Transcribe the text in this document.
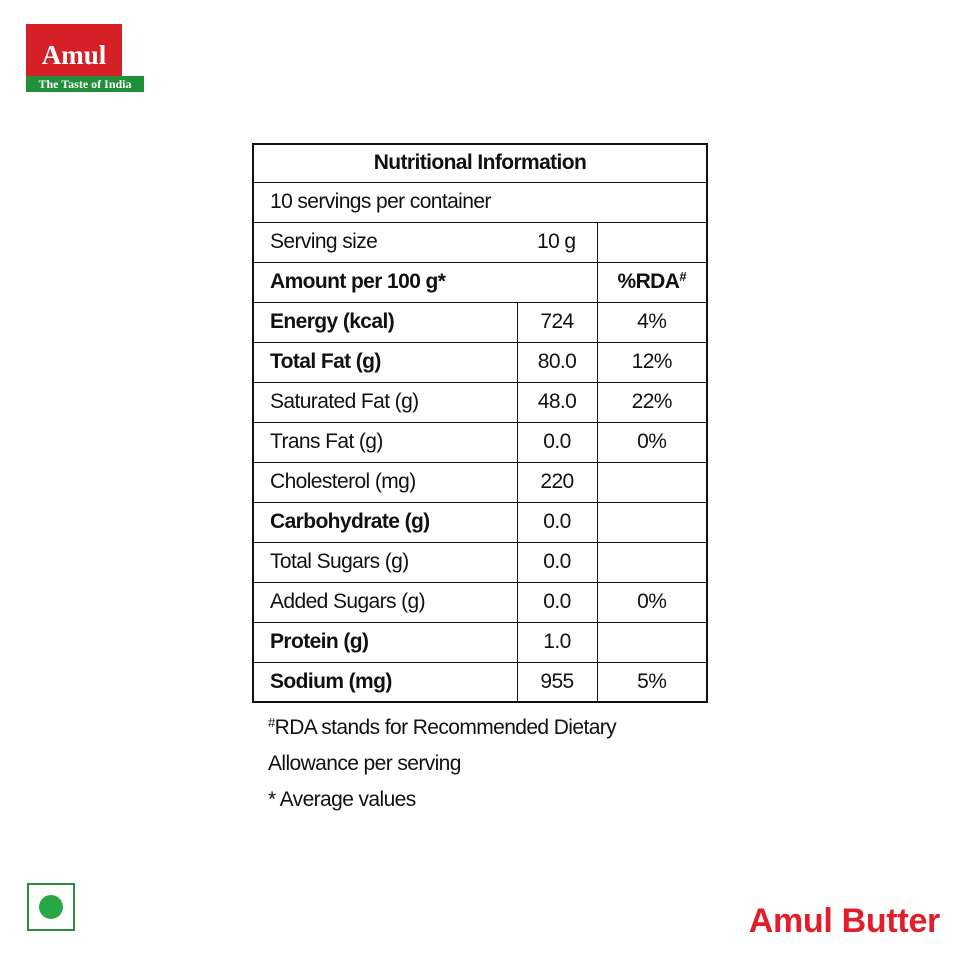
Amul
The Taste of India
Nutritional Information		
10 servings per container		
Serving size	10 g	
Amount per 100 g*		%RDA#
Energy (kcal)	724	4%
Total Fat (g)	80.0	12%
Saturated Fat (g)	48.0	22%
Trans Fat (g)	0.0	0%
Cholesterol (mg)	220	
Carbohydrate (g)	0.0	
Total Sugars (g)	0.0	
Added Sugars (g)	0.0	0%
Protein (g)	1.0	
Sodium (mg)	955	5%
#RDA stands for Recommended Dietary
Allowance per serving
* Average values
Amul Butter
